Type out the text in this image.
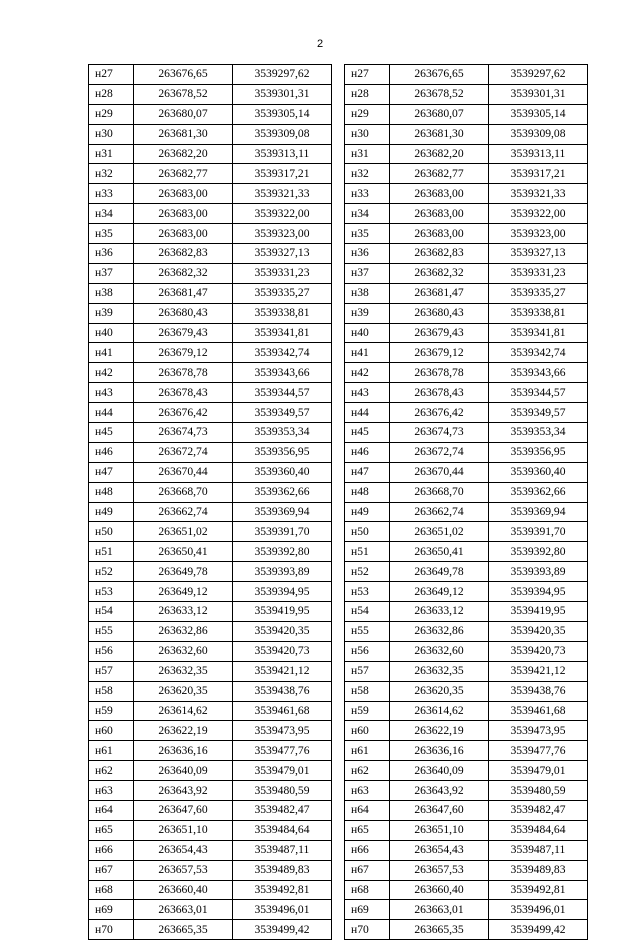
2
н27	263676,65	3539297,62
н28	263678,52	3539301,31
н29	263680,07	3539305,14
н30	263681,30	3539309,08
н31	263682,20	3539313,11
н32	263682,77	3539317,21
н33	263683,00	3539321,33
н34	263683,00	3539322,00
н35	263683,00	3539323,00
н36	263682,83	3539327,13
н37	263682,32	3539331,23
н38	263681,47	3539335,27
н39	263680,43	3539338,81
н40	263679,43	3539341,81
н41	263679,12	3539342,74
н42	263678,78	3539343,66
н43	263678,43	3539344,57
н44	263676,42	3539349,57
н45	263674,73	3539353,34
н46	263672,74	3539356,95
н47	263670,44	3539360,40
н48	263668,70	3539362,66
н49	263662,74	3539369,94
н50	263651,02	3539391,70
н51	263650,41	3539392,80
н52	263649,78	3539393,89
н53	263649,12	3539394,95
н54	263633,12	3539419,95
н55	263632,86	3539420,35
н56	263632,60	3539420,73
н57	263632,35	3539421,12
н58	263620,35	3539438,76
н59	263614,62	3539461,68
н60	263622,19	3539473,95
н61	263636,16	3539477,76
н62	263640,09	3539479,01
н63	263643,92	3539480,59
н64	263647,60	3539482,47
н65	263651,10	3539484,64
н66	263654,43	3539487,11
н67	263657,53	3539489,83
н68	263660,40	3539492,81
н69	263663,01	3539496,01
н70	263665,35	3539499,42
н27	263676,65	3539297,62
н28	263678,52	3539301,31
н29	263680,07	3539305,14
н30	263681,30	3539309,08
н31	263682,20	3539313,11
н32	263682,77	3539317,21
н33	263683,00	3539321,33
н34	263683,00	3539322,00
н35	263683,00	3539323,00
н36	263682,83	3539327,13
н37	263682,32	3539331,23
н38	263681,47	3539335,27
н39	263680,43	3539338,81
н40	263679,43	3539341,81
н41	263679,12	3539342,74
н42	263678,78	3539343,66
н43	263678,43	3539344,57
н44	263676,42	3539349,57
н45	263674,73	3539353,34
н46	263672,74	3539356,95
н47	263670,44	3539360,40
н48	263668,70	3539362,66
н49	263662,74	3539369,94
н50	263651,02	3539391,70
н51	263650,41	3539392,80
н52	263649,78	3539393,89
н53	263649,12	3539394,95
н54	263633,12	3539419,95
н55	263632,86	3539420,35
н56	263632,60	3539420,73
н57	263632,35	3539421,12
н58	263620,35	3539438,76
н59	263614,62	3539461,68
н60	263622,19	3539473,95
н61	263636,16	3539477,76
н62	263640,09	3539479,01
н63	263643,92	3539480,59
н64	263647,60	3539482,47
н65	263651,10	3539484,64
н66	263654,43	3539487,11
н67	263657,53	3539489,83
н68	263660,40	3539492,81
н69	263663,01	3539496,01
н70	263665,35	3539499,42
